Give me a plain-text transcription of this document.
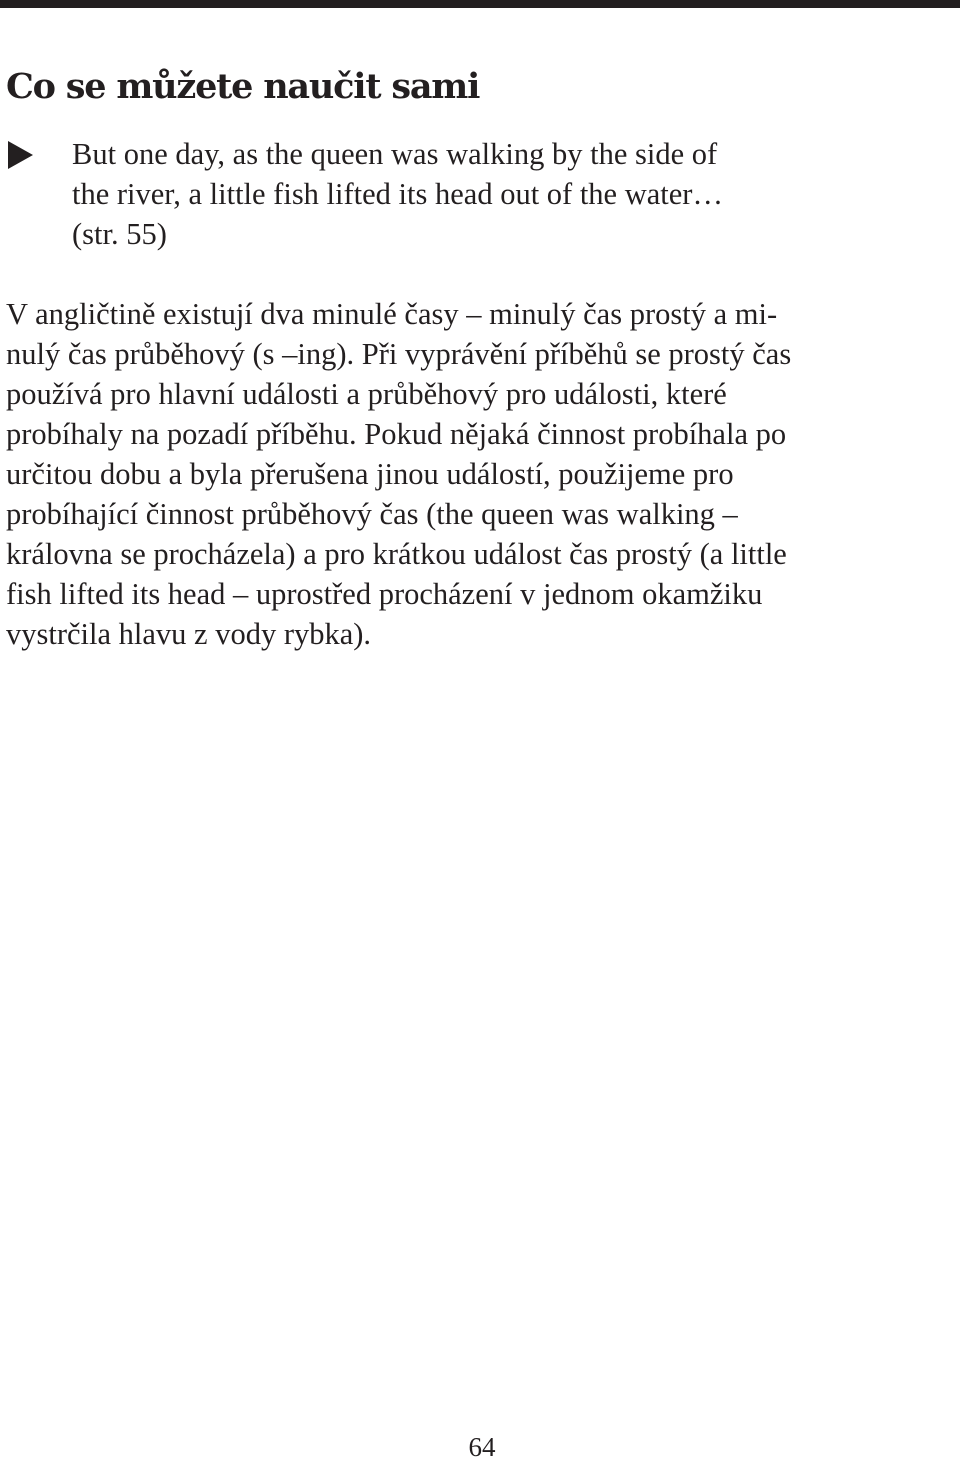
Co se můžete naučit sami
But one day, as the queen was walking by the side of
the river, a little fish lifted its head out of the water…
(str. 55)
V angličtině existují dva minulé časy – minulý čas prostý a mi-
nulý čas průběhový (s –ing). Při vyprávění příběhů se prostý čas
používá pro hlavní události a průběhový pro události, které
probíhaly na pozadí příběhu. Pokud nějaká činnost probíhala po
určitou dobu a byla přerušena jinou událostí, použijeme pro
probíhající činnost průběhový čas (the queen was walking –
královna se procházela) a pro krátkou událost čas prostý (a little
fish lifted its head – uprostřed procházení v jednom okamžiku
vystrčila hlavu z vody rybka).
64
